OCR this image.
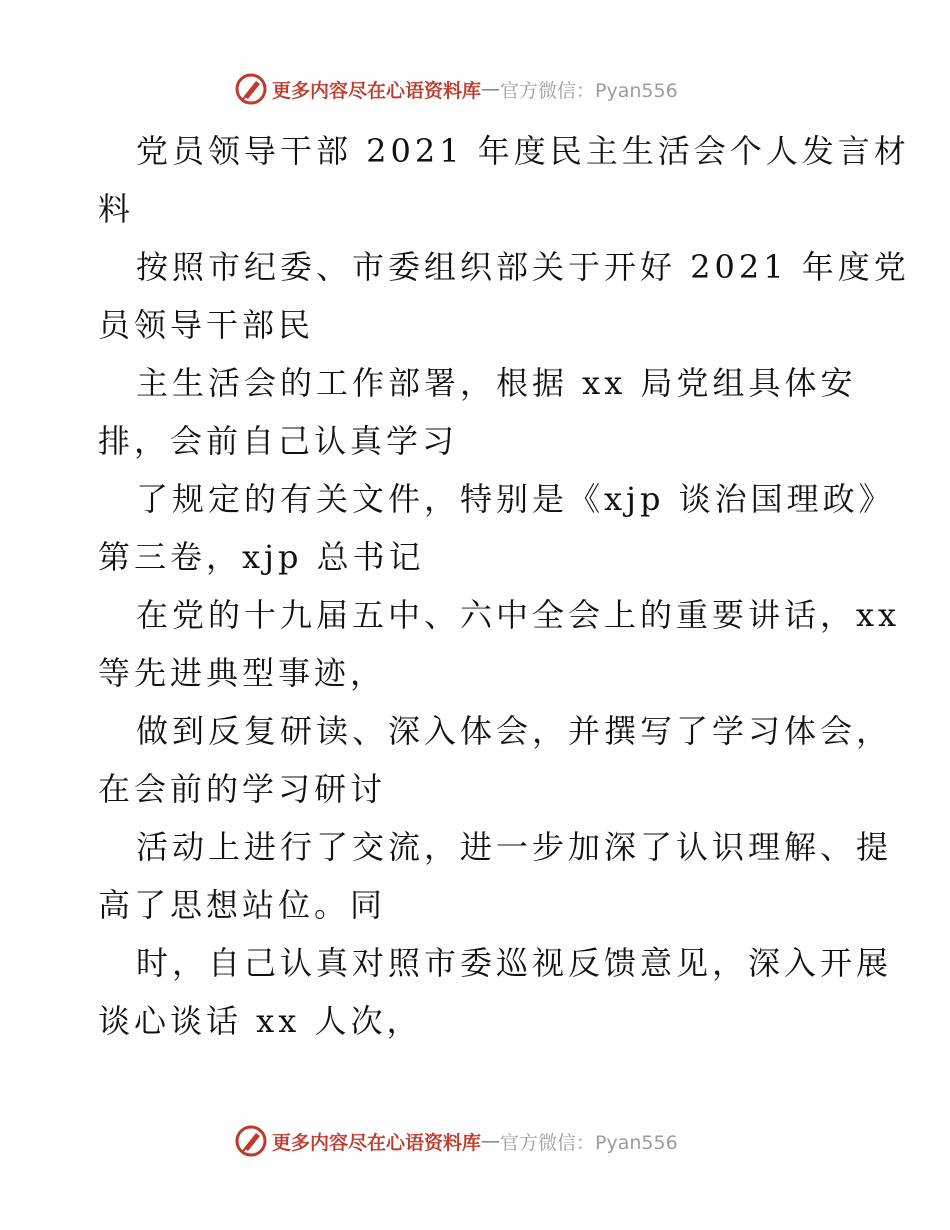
更多内容尽在心语资料库 — 官方微信：Pyan556

党员领导干部 2021 年度民主生活会个人发言材
料

按照市纪委、市委组织部关于开好 2021 年度党
员领导干部民

主生活会的工作部署，根据 xx 局党组具体安
排，会前自己认真学习

了规定的有关文件，特别是《xjp 谈治国理政》
第三卷，xjp 总书记

在党的十九届五中、六中全会上的重要讲话，xx
等先进典型事迹，

做到反复研读、深入体会，并撰写了学习体会，
在会前的学习研讨

活动上进行了交流，进一步加深了认识理解、提
高了思想站位。同

时，自己认真对照市委巡视反馈意见，深入开展
谈心谈话 xx 人次，

更多内容尽在心语资料库 — 官方微信：Pyan556
